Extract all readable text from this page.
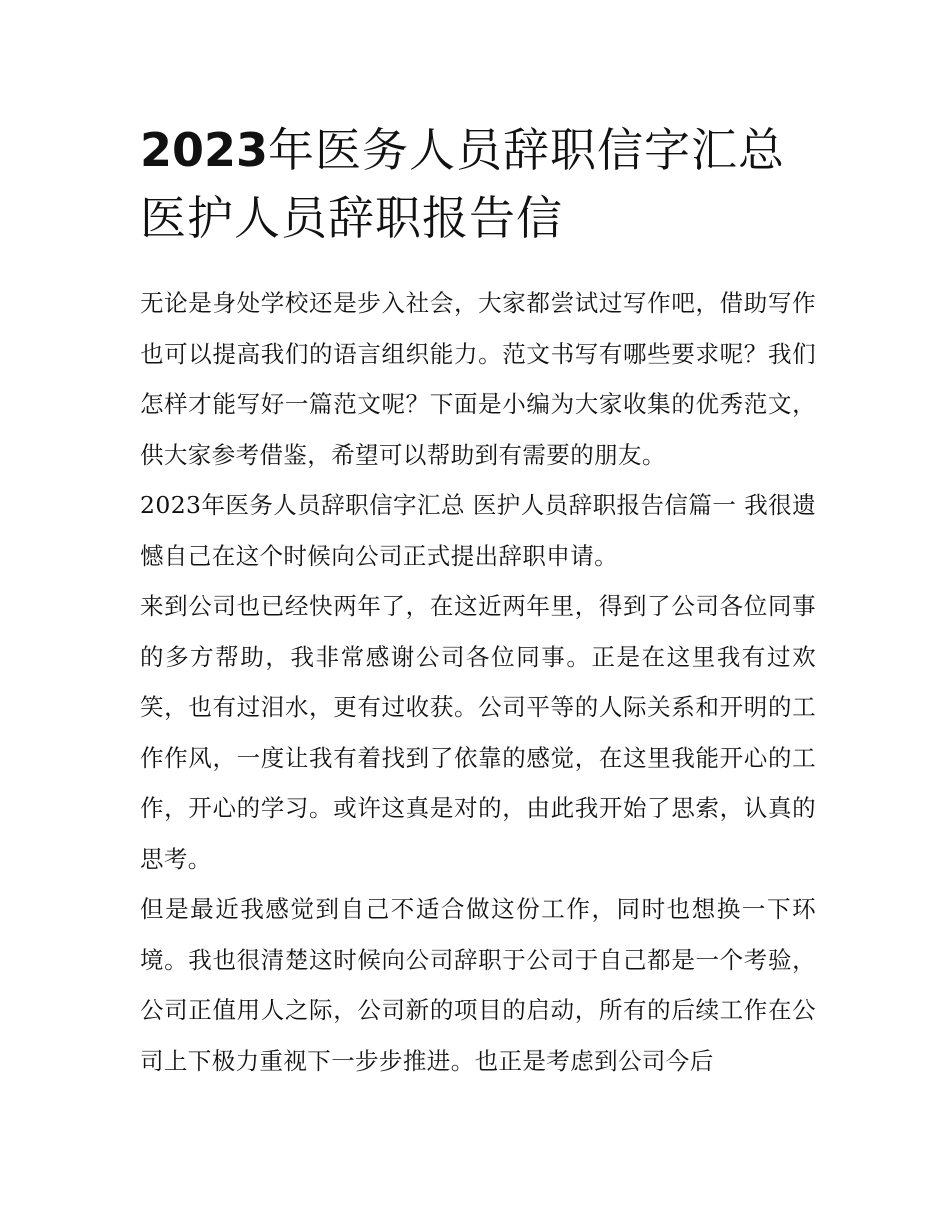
2023年医务人员辞职信字汇总医护人员辞职报告信

无论是身处学校还是步入社会，大家都尝试过写作吧，借助写作也可以提高我们的语言组织能力。范文书写有哪些要求呢？我们怎样才能写好一篇范文呢？下面是小编为大家收集的优秀范文，供大家参考借鉴，希望可以帮助到有需要的朋友。

2023年医务人员辞职信字汇总 医护人员辞职报告信篇一 我很遗憾自己在这个时候向公司正式提出辞职申请。

来到公司也已经快两年了，在这近两年里，得到了公司各位同事的多方帮助，我非常感谢公司各位同事。正是在这里我有过欢笑，也有过泪水，更有过收获。公司平等的人际关系和开明的工作作风，一度让我有着找到了依靠的感觉，在这里我能开心的工作，开心的学习。或许这真是对的，由此我开始了思索，认真的思考。

但是最近我感觉到自己不适合做这份工作，同时也想换一下环境。我也很清楚这时候向公司辞职于公司于自己都是一个考验，公司正值用人之际，公司新的项目的启动，所有的后续工作在公司上下极力重视下一步步推进。也正是考虑到公司今后
